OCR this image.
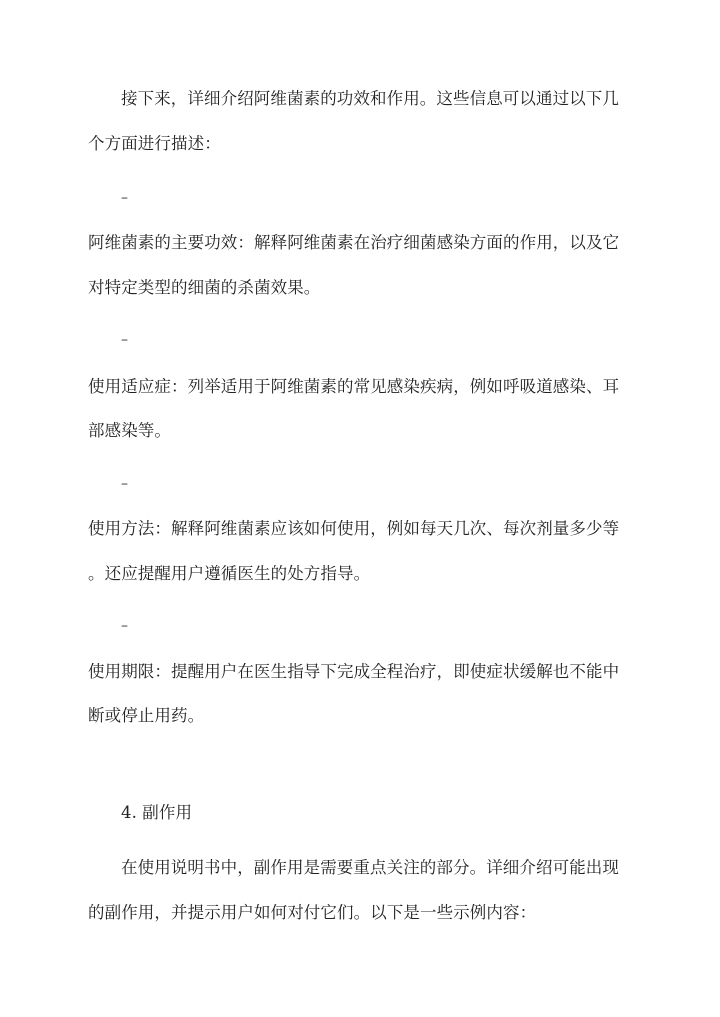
接下来，详细介绍阿维菌素的功效和作用。这些信息可以通过以下几
个方面进行描述：
–
阿维菌素的主要功效：解释阿维菌素在治疗细菌感染方面的作用，以及它
对特定类型的细菌的杀菌效果。
–
使用适应症：列举适用于阿维菌素的常见感染疾病，例如呼吸道感染、耳
部感染等。
–
使用方法：解释阿维菌素应该如何使用，例如每天几次、每次剂量多少等
。还应提醒用户遵循医生的处方指导。
–
使用期限：提醒用户在医生指导下完成全程治疗，即使症状缓解也不能中
断或停止用药。
4. 副作用
在使用说明书中，副作用是需要重点关注的部分。详细介绍可能出现
的副作用，并提示用户如何对付它们。以下是一些示例内容：
